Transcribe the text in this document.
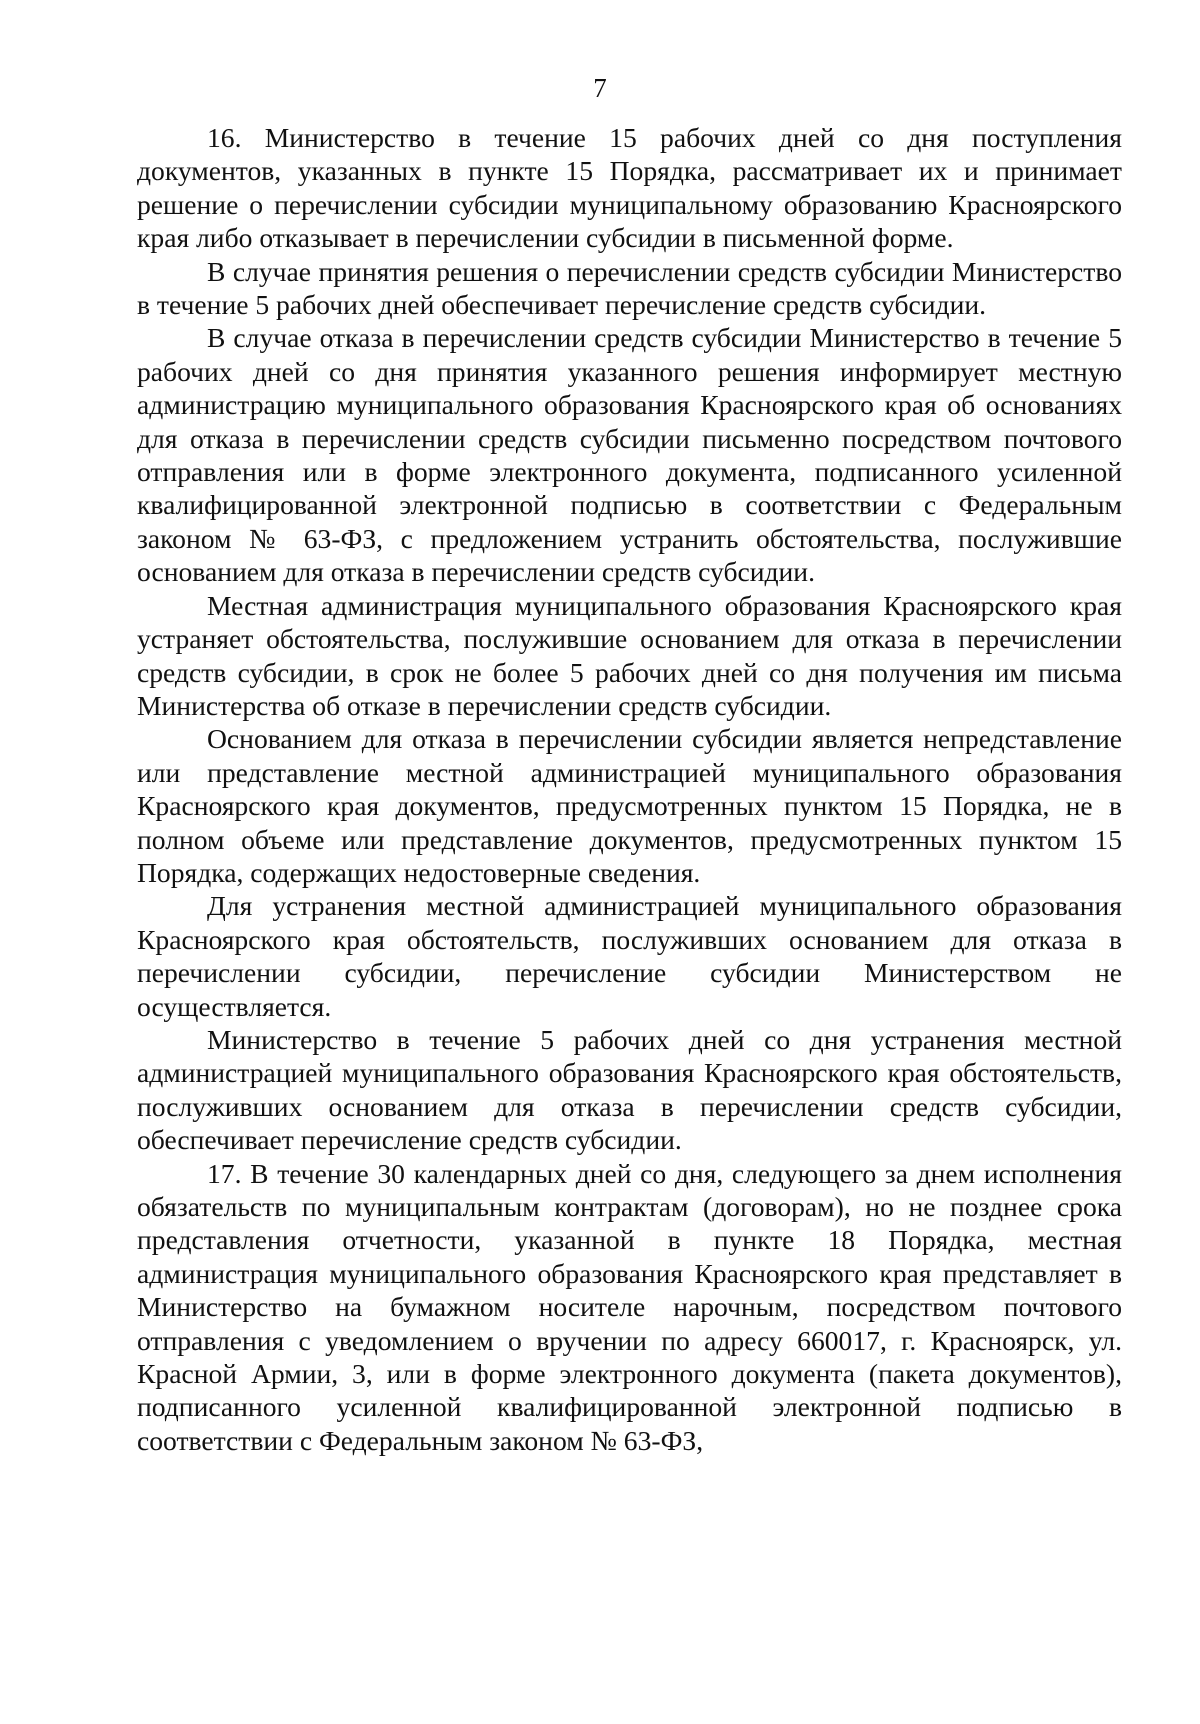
7

16. Министерство в течение 15 рабочих дней со дня поступления документов, указанных в пункте 15 Порядка, рассматривает их и принимает решение о перечислении субсидии муниципальному образованию Красноярского края либо отказывает в перечислении субсидии в письменной форме.

В случае принятия решения о перечислении средств субсидии Министерство в течение 5 рабочих дней обеспечивает перечисление средств субсидии.

В случае отказа в перечислении средств субсидии Министерство в течение 5 рабочих дней со дня принятия указанного решения информирует местную администрацию муниципального образования Красноярского края об основаниях для отказа в перечислении средств субсидии письменно посредством почтового отправления или в форме электронного документа, подписанного усиленной квалифицированной электронной подписью в соответствии с Федеральным законом № 63-ФЗ, с предложением устранить обстоятельства, послужившие основанием для отказа в перечислении средств субсидии.

Местная администрация муниципального образования Красноярского края устраняет обстоятельства, послужившие основанием для отказа в перечислении средств субсидии, в срок не более 5 рабочих дней со дня получения им письма Министерства об отказе в перечислении средств субсидии.

Основанием для отказа в перечислении субсидии является непредставление или представление местной администрацией муниципального образования Красноярского края документов, предусмотренных пунктом 15 Порядка, не в полном объеме или представление документов, предусмотренных пунктом 15 Порядка, содержащих недостоверные сведения.

Для устранения местной администрацией муниципального образования Красноярского края обстоятельств, послуживших основанием для отказа в перечислении субсидии, перечисление субсидии Министерством не осуществляется.

Министерство в течение 5 рабочих дней со дня устранения местной администрацией муниципального образования Красноярского края обстоятельств, послуживших основанием для отказа в перечислении средств субсидии, обеспечивает перечисление средств субсидии.

17. В течение 30 календарных дней со дня, следующего за днем исполнения обязательств по муниципальным контрактам (договорам), но не позднее срока представления отчетности, указанной в пункте 18 Порядка, местная администрация муниципального образования Красноярского края представляет в Министерство на бумажном носителе нарочным, посредством почтового отправления с уведомлением о вручении по адресу 660017, г. Красноярск, ул. Красной Армии, 3, или в форме электронного документа (пакета документов), подписанного усиленной квалифицированной электронной подписью в соответствии с Федеральным законом № 63-ФЗ,
